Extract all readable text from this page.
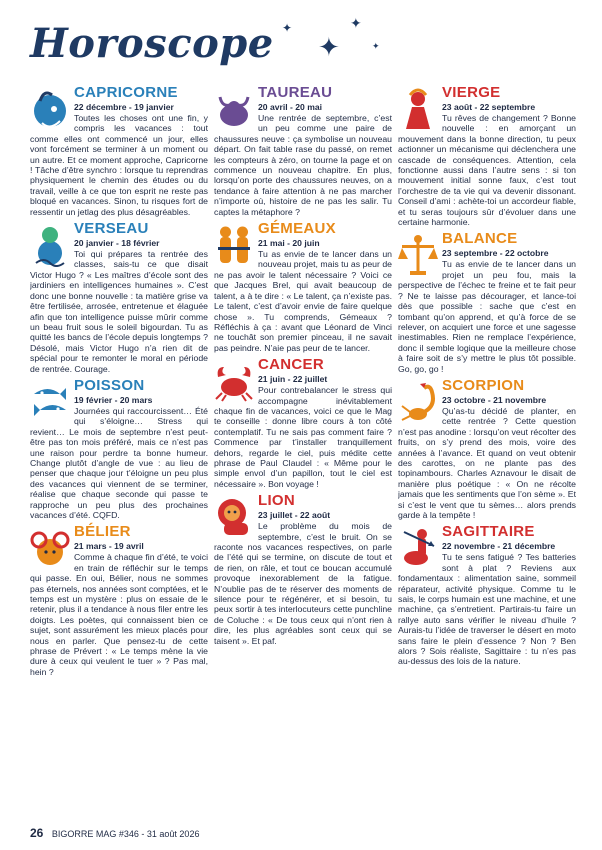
Horoscope ✦
✦
✦
✦
CAPRICORNE
22 décembre - 19 janvier

Toutes les choses ont une fin, y compris les vacances : tout comme elles ont commencé un jour, elles vont forcément se terminer à un moment ou un autre. Et ce moment approche, Capricorne ! Tâche d’être synchro : lorsque tu reprendras physiquement le chemin des études ou du travail, veille à ce que ton esprit ne reste pas bloqué en vacances. Sinon, tu risques fort de ressentir un jetlag des plus désagréables.

VERSEAU
20 janvier - 18 février

Toi qui prépares ta rentrée des classes, sais-tu ce que disait Victor Hugo ? « Les maîtres d’école sont des jardiniers en intelligences humaines ». C’est donc une bonne nouvelle : ta matière grise va être fertilisée, arrosée, entretenue et élaguée afin que ton intelligence puisse mûrir comme un beau fruit sous le soleil bigourdan. Tu as quitté les bancs de l’école depuis longtemps ? Désolé, mais Victor Hugo n’a rien dit de spécial pour te remonter le moral en période de rentrée. Courage.

POISSON
19 février - 20 mars

Journées qui raccourcissent… Été qui s’éloigne… Stress qui revient… Le mois de septembre n’est peut-être pas ton mois préféré, mais ce n’est pas une raison pour perdre ta bonne humeur. Change plutôt d’angle de vue : au lieu de penser que chaque jour t’éloigne un peu plus des vacances qui viennent de se terminer, réalise que chaque seconde qui passe te rapproche un peu plus des prochaines vacances d’été. CQFD.

BÉLIER
21 mars - 19 avril

Comme à chaque fin d’été, te voici en train de réfléchir sur le temps qui passe. En oui, Bélier, nous ne sommes pas éternels, nos années sont comptées, et le temps est un mystère : plus on essaie de le retenir, plus il a tendance à nous filer entre les doigts. Les poètes, qui connaissent bien ce sujet, sont assurément les mieux placés pour nous en parler. Que pensez-tu de cette phrase de Prévert : « Le temps mène la vie dure à ceux qui veulent le tuer » ? Pas mal, hein ?

TAUREAU
20 avril - 20 mai

Une rentrée de septembre, c’est un peu comme une paire de chaussures neuve : ça symbolise un nouveau départ. On fait table rase du passé, on remet les compteurs à zéro, on tourne la page et on commence un nouveau chapitre. En plus, lorsqu’on porte des chaussures neuves, on a tendance à faire attention à ne pas marcher n’importe où, histoire de ne pas les salir. Tu captes la métaphore ?

GÉMEAUX
21 mai - 20 juin

Tu as envie de te lancer dans un nouveau projet, mais tu as peur de ne pas avoir le talent nécessaire ? Voici ce que Jacques Brel, qui avait beaucoup de talent, a à te dire : « Le talent, ça n’existe pas. Le talent, c’est d’avoir envie de faire quelque chose ». Tu comprends, Gémeaux ? Réfléchis à ça : avant que Léonard de Vinci ne touchât son premier pinceau, il ne savait pas peindre. N’aie pas peur de te lancer.

CANCER
21 juin - 22 juillet

Pour contrebalancer le stress qui accompagne inévitablement chaque fin de vacances, voici ce que le Mag te conseille : donne libre cours à ton côté contemplatif. Tu ne sais pas comment faire ? Commence par t’installer tranquillement dehors, regarde le ciel, puis médite cette phrase de Paul Claudel : « Même pour le simple envol d’un papillon, tout le ciel est nécessaire ». Bon voyage !

LION
23 juillet - 22 août

Le problème du mois de septembre, c’est le bruit. On se raconte nos vacances respectives, on parle de l’été qui se termine, on discute de tout et de rien, on râle, et tout ce boucan accumulé provoque inexorablement de la fatigue. N’oublie pas de te réserver des moments de silence pour te régénérer, et si besoin, tu peux sortir à tes interlocuteurs cette punchline de Coluche : « De tous ceux qui n’ont rien à dire, les plus agréables sont ceux qui se taisent ». Et paf.

VIERGE
23 août - 22 septembre

Tu rêves de changement ? Bonne nouvelle : en amorçant un mouvement dans la bonne direction, tu peux actionner un mécanisme qui déclenchera une cascade de conséquences. Attention, cela fonctionne aussi dans l’autre sens : si ton mouvement initial sonne faux, c’est tout l’orchestre de ta vie qui va devenir dissonant. Conseil d’ami : achète-toi un accordeur fiable, et tu seras toujours sûr d’évoluer dans une certaine harmonie.

BALANCE
23 septembre - 22 octobre

Tu as envie de te lancer dans un projet un peu fou, mais la perspective de l’échec te freine et te fait peur ? Ne te laisse pas décourager, et lance-toi dès que possible : sache que c’est en tombant qu’on apprend, et qu’à force de se relever, on acquiert une force et une sagesse inestimables. Rien ne remplace l’expérience, donc il semble logique que la meilleure chose à faire soit de s’y mettre le plus tôt possible. Go, go, go !

SCORPION
23 octobre - 21 novembre

Qu’as-tu décidé de planter, en cette rentrée ? Cette question n’est pas anodine : lorsqu’on veut récolter des fruits, on s’y prend des mois, voire des années à l’avance. Et quand on veut obtenir des carottes, on ne plante pas des topinambours. Charles Aznavour le disait de manière plus poétique : « On ne récolte jamais que les sentiments que l’on sème ». Et si c’est le vent que tu sèmes… alors prends garde à la tempête !

SAGITTAIRE
22 novembre - 21 décembre

Tu te sens fatigué ? Tes batteries sont à plat ? Reviens aux fondamentaux : alimentation saine, sommeil réparateur, activité physique. Comme tu le sais, le corps humain est une machine, et une machine, ça s’entretient. Partirais-tu faire un rallye auto sans vérifier le niveau d’huile ? Aurais-tu l’idée de traverser le désert en moto sans faire le plein d’essence ? Non ? Ben alors ? Sois réaliste, Sagittaire : tu n’es pas au-dessus des lois de la nature.

26 BIGORRE MAG #346 - 31 août 2026
